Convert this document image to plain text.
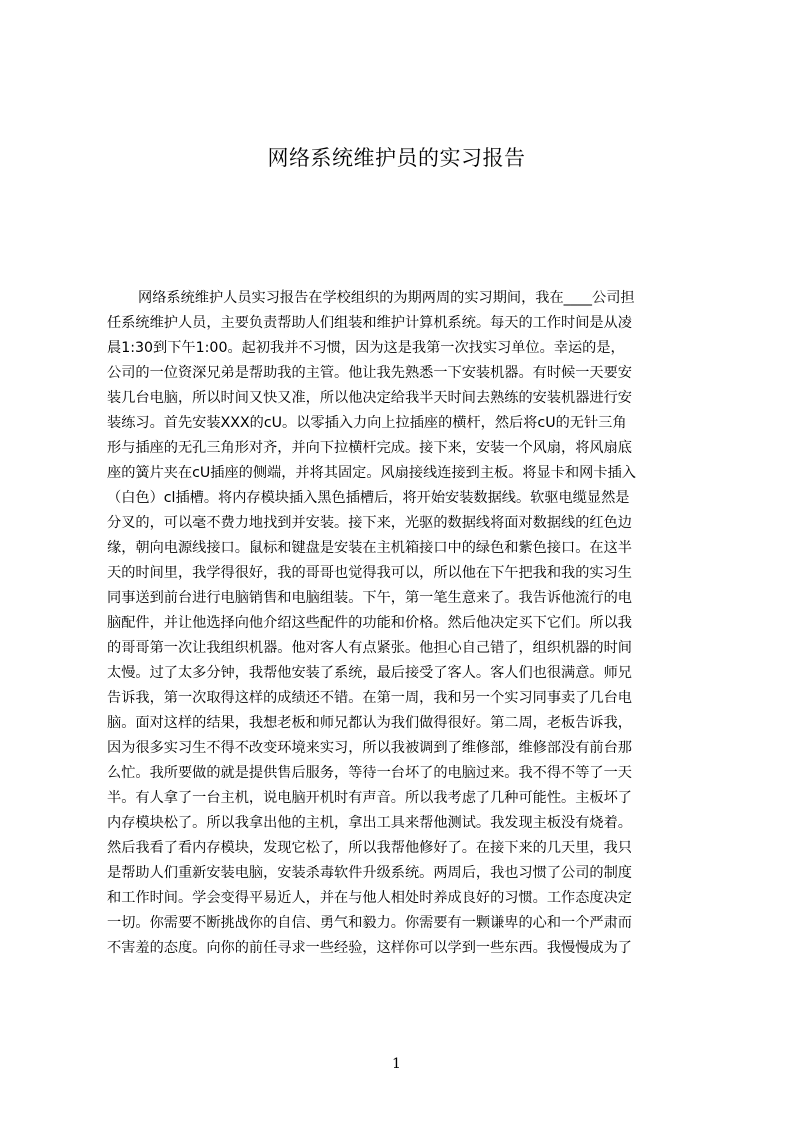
网络系统维护员的实习报告
网络系统维护人员实习报告在学校组织的为期两周的实习期间，我在____公司担
任系统维护人员，主要负责帮助人们组装和维护计算机系统。每天的工作时间是从凌
晨1:30到下午1:00。起初我并不习惯，因为这是我第一次找实习单位。幸运的是，
公司的一位资深兄弟是帮助我的主管。他让我先熟悉一下安装机器。有时候一天要安
装几台电脑，所以时间又快又准，所以他决定给我半天时间去熟练的安装机器进行安
装练习。首先安装XXX的cU。以零插入力向上拉插座的横杆，然后将cU的无针三角
形与插座的无孔三角形对齐，并向下拉横杆完成。接下来，安装一个风扇，将风扇底
座的簧片夹在cU插座的侧端，并将其固定。风扇接线连接到主板。将显卡和网卡插入
（白色）cl插槽。将内存模块插入黑色插槽后，将开始安装数据线。软驱电缆显然是
分叉的，可以毫不费力地找到并安装。接下来，光驱的数据线将面对数据线的红色边
缘，朝向电源线接口。鼠标和键盘是安装在主机箱接口中的绿色和紫色接口。在这半
天的时间里，我学得很好，我的哥哥也觉得我可以，所以他在下午把我和我的实习生
同事送到前台进行电脑销售和电脑组装。下午，第一笔生意来了。我告诉他流行的电
脑配件，并让他选择向他介绍这些配件的功能和价格。然后他决定买下它们。所以我
的哥哥第一次让我组织机器。他对客人有点紧张。他担心自己错了，组织机器的时间
太慢。过了太多分钟，我帮他安装了系统，最后接受了客人。客人们也很满意。师兄
告诉我，第一次取得这样的成绩还不错。在第一周，我和另一个实习同事卖了几台电
脑。面对这样的结果，我想老板和师兄都认为我们做得很好。第二周，老板告诉我，
因为很多实习生不得不改变环境来实习，所以我被调到了维修部，维修部没有前台那
么忙。我所要做的就是提供售后服务，等待一台坏了的电脑过来。我不得不等了一天
半。有人拿了一台主机，说电脑开机时有声音。所以我考虑了几种可能性。主板坏了
内存模块松了。所以我拿出他的主机，拿出工具来帮他测试。我发现主板没有烧着。
然后我看了看内存模块，发现它松了，所以我帮他修好了。在接下来的几天里，我只
是帮助人们重新安装电脑，安装杀毒软件升级系统。两周后，我也习惯了公司的制度
和工作时间。学会变得平易近人，并在与他人相处时养成良好的习惯。工作态度决定
一切。你需要不断挑战你的自信、勇气和毅力。你需要有一颗谦卑的心和一个严肃而
不害羞的态度。向你的前任寻求一些经验，这样你可以学到一些东西。我慢慢成为了
1
